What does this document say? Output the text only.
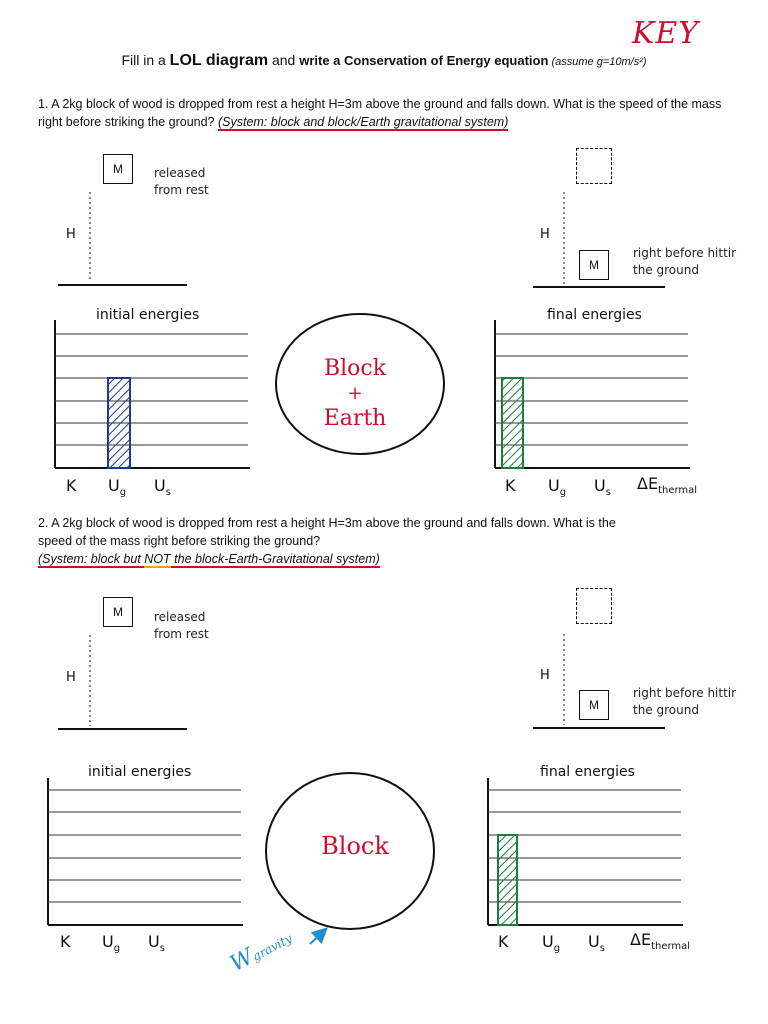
KEY
Fill in a LOL diagram and write a Conservation of Energy equation (assume g=10m/s²)
1. A 2kg block of wood is dropped from rest a height H=3m above the ground and falls down. What is the speed of the mass right before striking the ground? (System: block and block/Earth gravitational system)
2. A 2kg block of wood is dropped from rest a height H=3m above the ground and falls down. What is the
speed of the mass right before striking the ground?
(System: block but NOT the block-Earth-Gravitational system)
M	released
from rest
H
M
H
right before hittir
the ground
initial energies	final energies
K $U_g$ $U_s$	K $U_g$ $U_s$ $\Delta E_{thermal}$
Block
+
Earth
M	released
from rest
H
M
H
right before hittir
the ground
initial energies	final energies
K $U_g$ $U_s$	K $U_g$ $U_s$ $\Delta E_{thermal}$
Block
Wgravity
